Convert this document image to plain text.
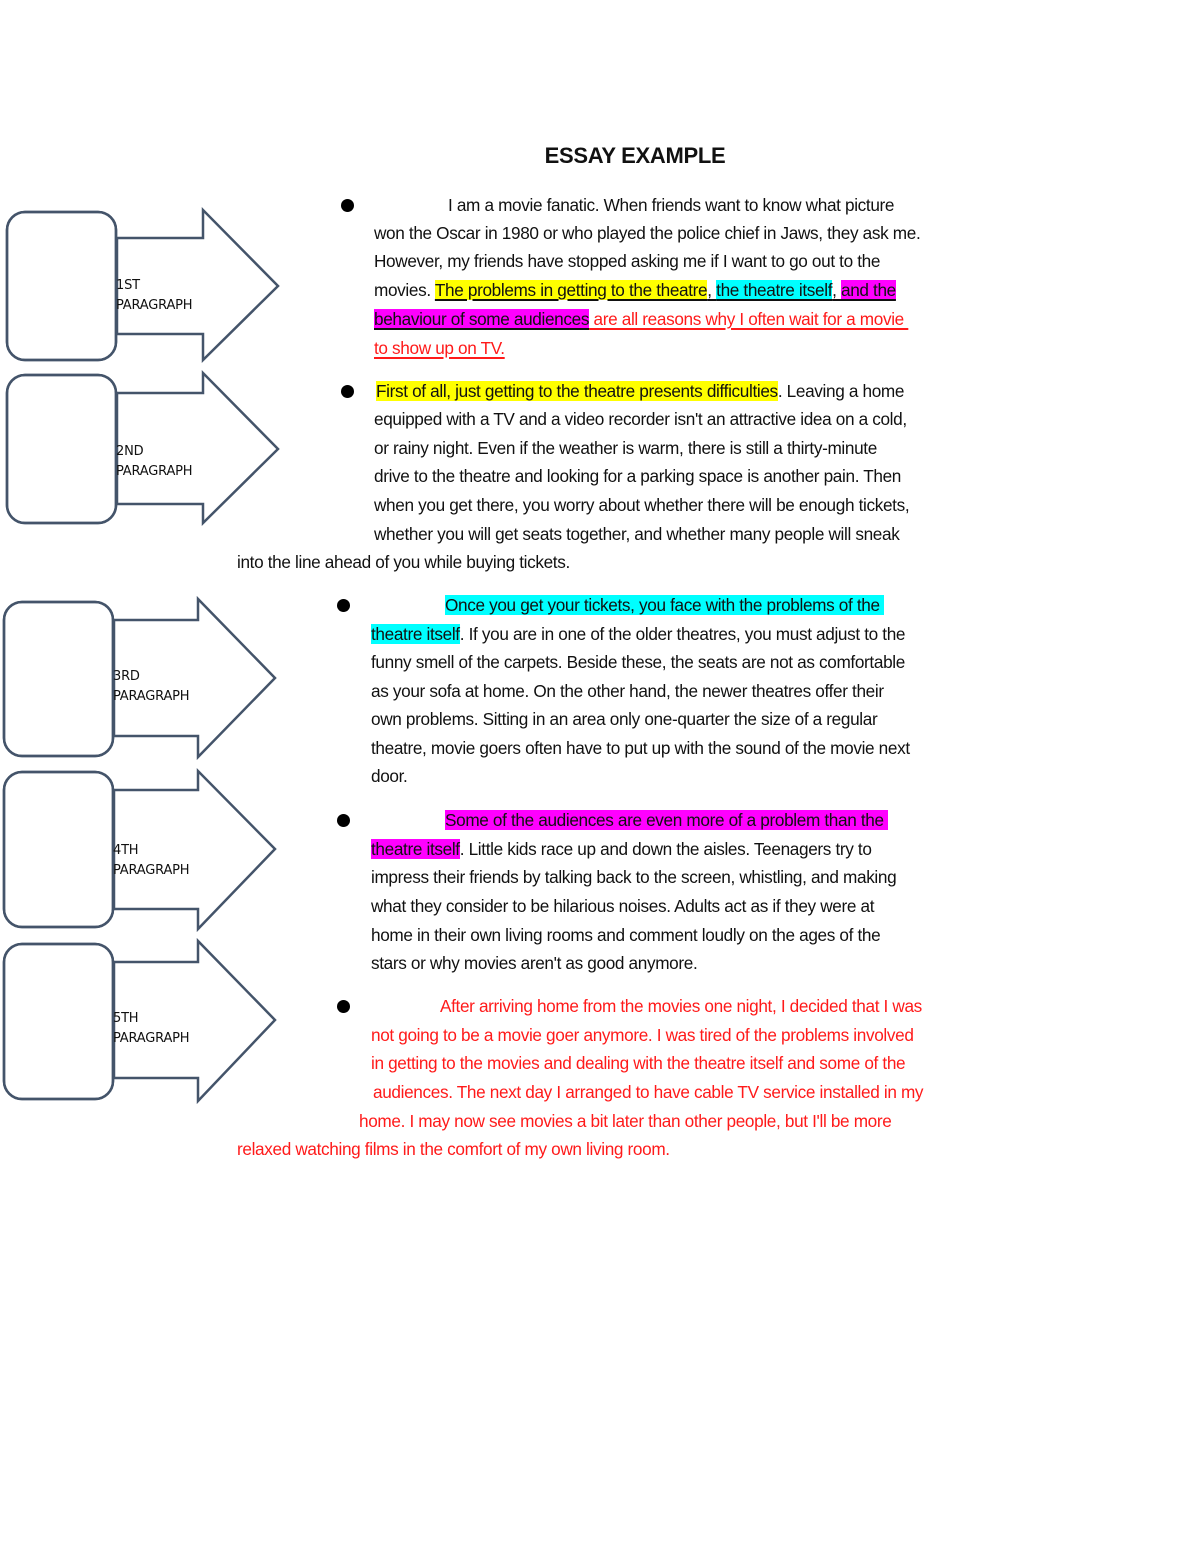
ESSAY EXAMPLE
1ST
PARAGRAPH
2ND
PARAGRAPH
3RD
PARAGRAPH
4TH
PARAGRAPH
5TH
PARAGRAPH
I am a movie fanatic. When friends want to know what picture
won the Oscar in 1980 or who played the police chief in Jaws, they ask me.
However, my friends have stopped asking me if I want to go out to the
movies. The problems in getting to the theatre, the theatre itself, and the
behaviour of some audiences are all reasons why I often wait for a movie
to show up on TV.
First of all, just getting to the theatre presents difficulties. Leaving a home
equipped with a TV and a video recorder isn't an attractive idea on a cold,
or rainy night. Even if the weather is warm, there is still a thirty-minute
drive to the theatre and looking for a parking space is another pain. Then
when you get there, you worry about whether there will be enough tickets,
whether you will get seats together, and whether many people will sneak
into the line ahead of you while buying tickets.
Once you get your tickets, you face with the problems of the
theatre itself. If you are in one of the older theatres, you must adjust to the
funny smell of the carpets. Beside these, the seats are not as comfortable
as your sofa at home. On the other hand, the newer theatres offer their
own problems. Sitting in an area only one-quarter the size of a regular
theatre, movie goers often have to put up with the sound of the movie next
door.
Some of the audiences are even more of a problem than the
theatre itself. Little kids race up and down the aisles. Teenagers try to
impress their friends by talking back to the screen, whistling, and making
what they consider to be hilarious noises. Adults act as if they were at
home in their own living rooms and comment loudly on the ages of the
stars or why movies aren't as good anymore.
After arriving home from the movies one night, I decided that I was
not going to be a movie goer anymore. I was tired of the problems involved
in getting to the movies and dealing with the theatre itself and some of the
audiences. The next day I arranged to have cable TV service installed in my
home. I may now see movies a bit later than other people, but I'll be more
relaxed watching films in the comfort of my own living room.
